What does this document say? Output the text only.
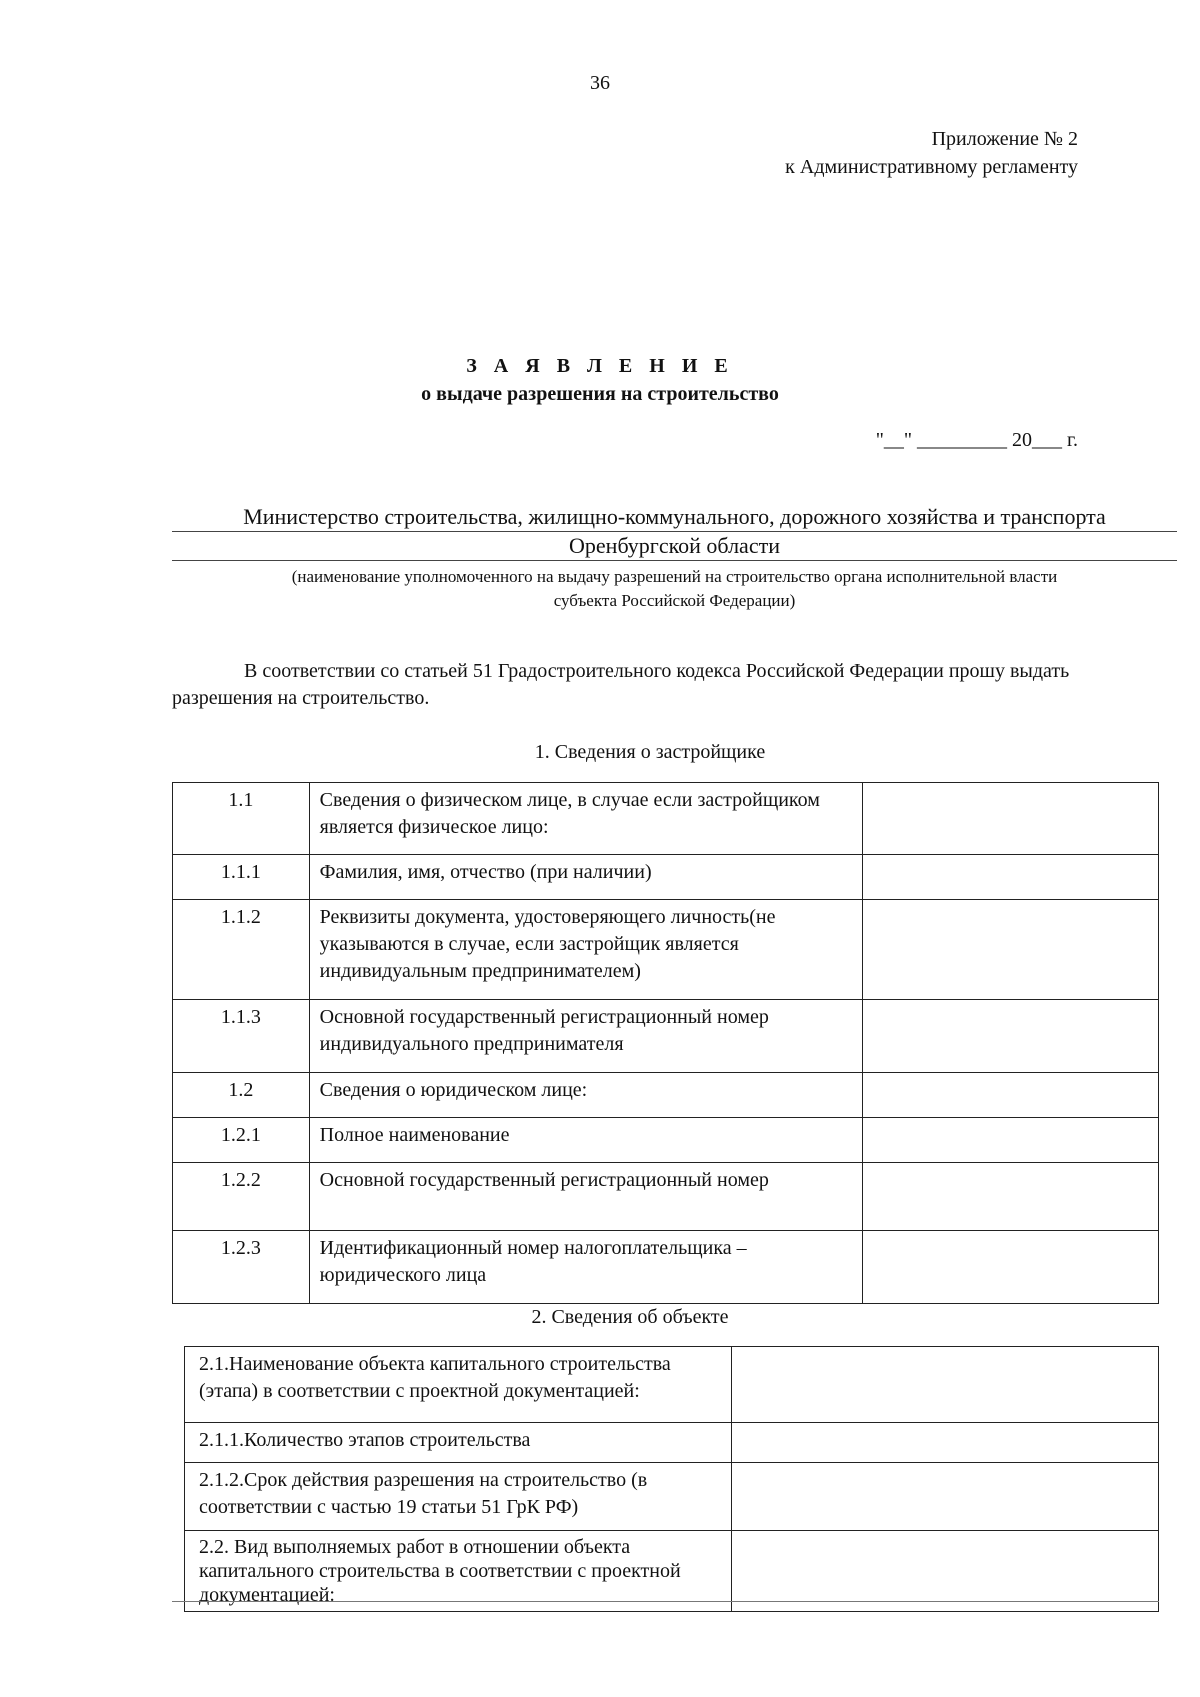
36
Приложение № 2
к Административному регламенту
З А Я В Л Е Н И Е
о выдаче разрешения на строительство
"__" _________ 20___ г.
Министерство строительства, жилищно-коммунального, дорожного хозяйства и транспорта
Оренбургской области
(наименование уполномоченного на выдачу разрешений на строительство органа исполнительной власти
субъекта Российской Федерации)
В соответствии со статьей 51 Градостроительного кодекса Российской Федерации прошу выдать разрешения на строительство.
1. Сведения о застройщике
1.1	Сведения о физическом лице, в случае если застройщиком является физическое лицо:	
1.1.1	Фамилия, имя, отчество (при наличии)	
1.1.2	Реквизиты документа, удостоверяющего личность(не указываются в случае, если застройщик является индивидуальным предпринимателем)	
1.1.3	Основной государственный регистрационный номер индивидуального предпринимателя	
1.2	Сведения о юридическом лице:	
1.2.1	Полное наименование	
1.2.2	Основной государственный регистрационный номер	
1.2.3	Идентификационный номер налогоплательщика – юридического лица	
2. Сведения об объекте
2.1.Наименование объекта капитального строительства (этапа) в соответствии с проектной документацией:	
2.1.1.Количество этапов строительства	
2.1.2.Срок действия разрешения на строительство (в соответствии с частью 19 статьи 51 ГрК РФ)	
2.2. Вид выполняемых работ в отношении объекта капитального строительства в соответствии с проектной документацией:	
